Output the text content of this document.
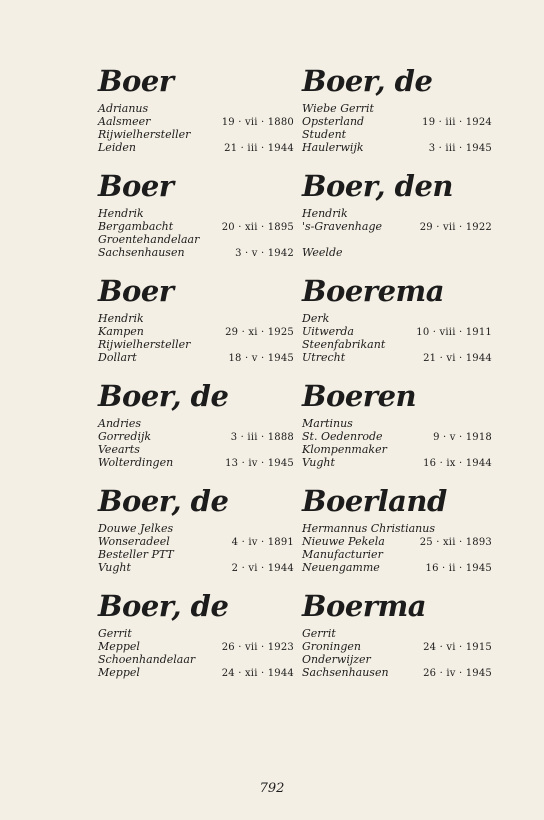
Boer
Adrianus
Aalsmeer	19 · vii · 1880
Rijwielhersteller
Leiden	21 · iii · 1944
Boer
Hendrik
Bergambacht	20 · xii · 1895
Groentehandelaar
Sachsenhausen	3 · v · 1942
Boer
Hendrik
Kampen	29 · xi · 1925
Rijwielhersteller
Dollart	18 · v · 1945
Boer, de
Andries
Gorredijk	3 · iii · 1888
Veearts
Wolterdingen	13 · iv · 1945
Boer, de
Douwe Jelkes
Wonseradeel	4 · iv · 1891
Besteller PTT
Vught	2 · vi · 1944
Boer, de
Gerrit
Meppel	26 · vii · 1923
Schoenhandelaar
Meppel	24 · xii · 1944
Boer, de
Wiebe Gerrit
Opsterland	19 · iii · 1924
Student
Haulerwijk	3 · iii · 1945
Boer, den
Hendrik
's-Gravenhage	29 · vii · 1922
Weelde
Boerema
Derk
Uitwerda	10 · viii · 1911
Steenfabrikant
Utrecht	21 · vi · 1944
Boeren
Martinus
St. Oedenrode	9 · v · 1918
Klompenmaker
Vught	16 · ix · 1944
Boerland
Hermannus Christianus
Nieuwe Pekela	25 · xii · 1893
Manufacturier
Neuengamme	16 · ii · 1945
Boerma
Gerrit
Groningen	24 · vi · 1915
Onderwijzer
Sachsenhausen	26 · iv · 1945
792
